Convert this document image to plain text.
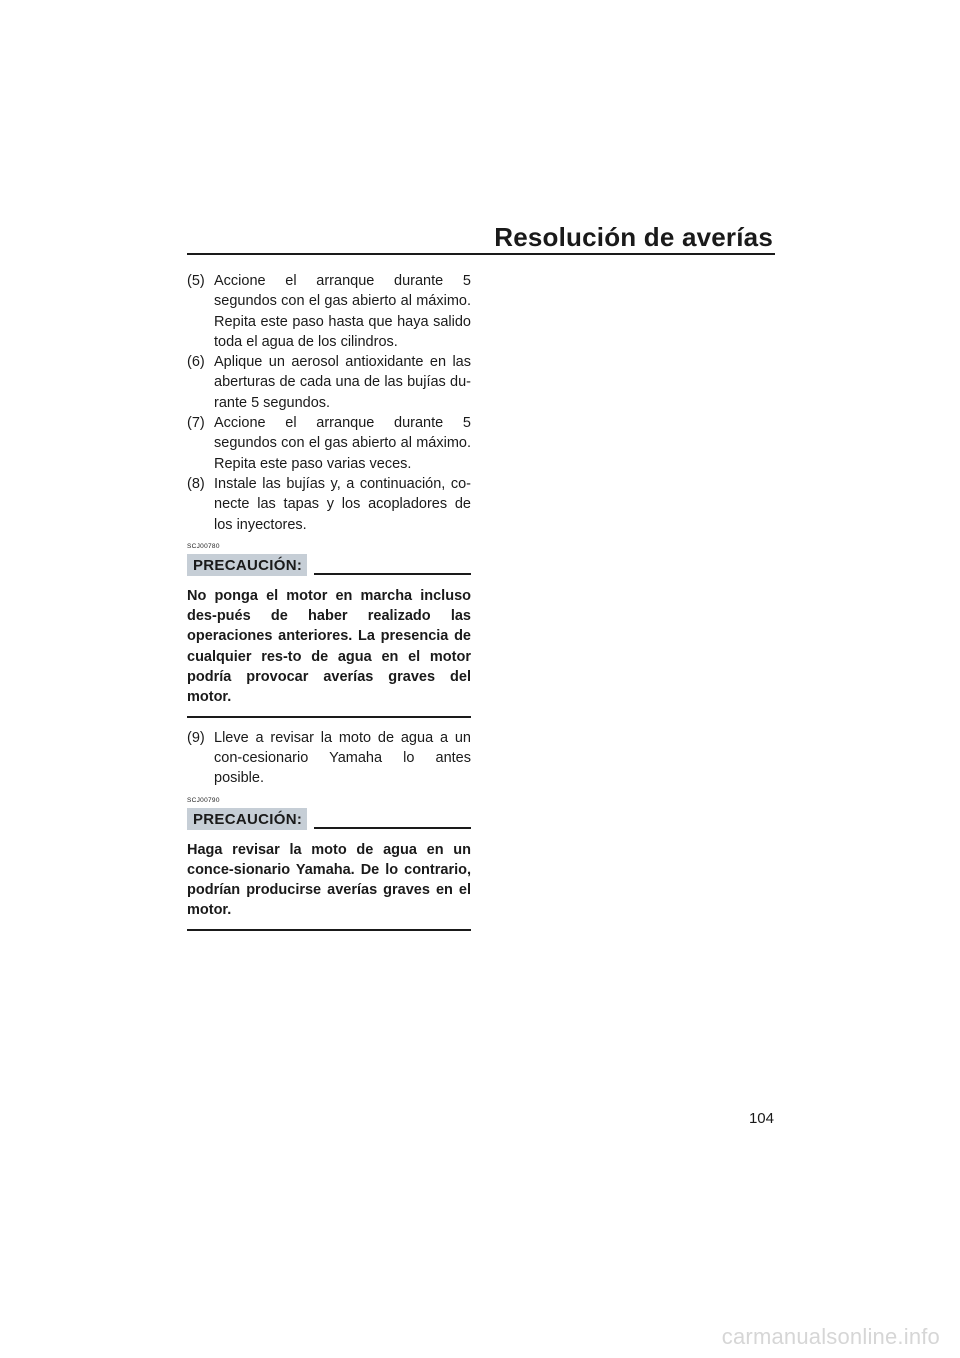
Resolución de averías
(5) Accione el arranque durante 5 segundos con el gas abierto al máximo. Repita este paso hasta que haya salido toda el agua de los cilindros.
(6) Aplique un aerosol antioxidante en las aberturas de cada una de las bujías du-rante 5 segundos.
(7) Accione el arranque durante 5 segundos con el gas abierto al máximo. Repita este paso varias veces.
(8) Instale las bujías y, a continuación, co-necte las tapas y los acopladores de los inyectores.
SCJ00780
PRECAUCIÓN:
No ponga el motor en marcha incluso des-pués de haber realizado las operaciones anteriores. La presencia de cualquier res-to de agua en el motor podría provocar averías graves del motor.
(9) Lleve a revisar la moto de agua a un con-cesionario Yamaha lo antes posible.
SCJ00790
PRECAUCIÓN:
Haga revisar la moto de agua en un conce-sionario Yamaha. De lo contrario, podrían producirse averías graves en el motor.
104
carmanualsonline.info
